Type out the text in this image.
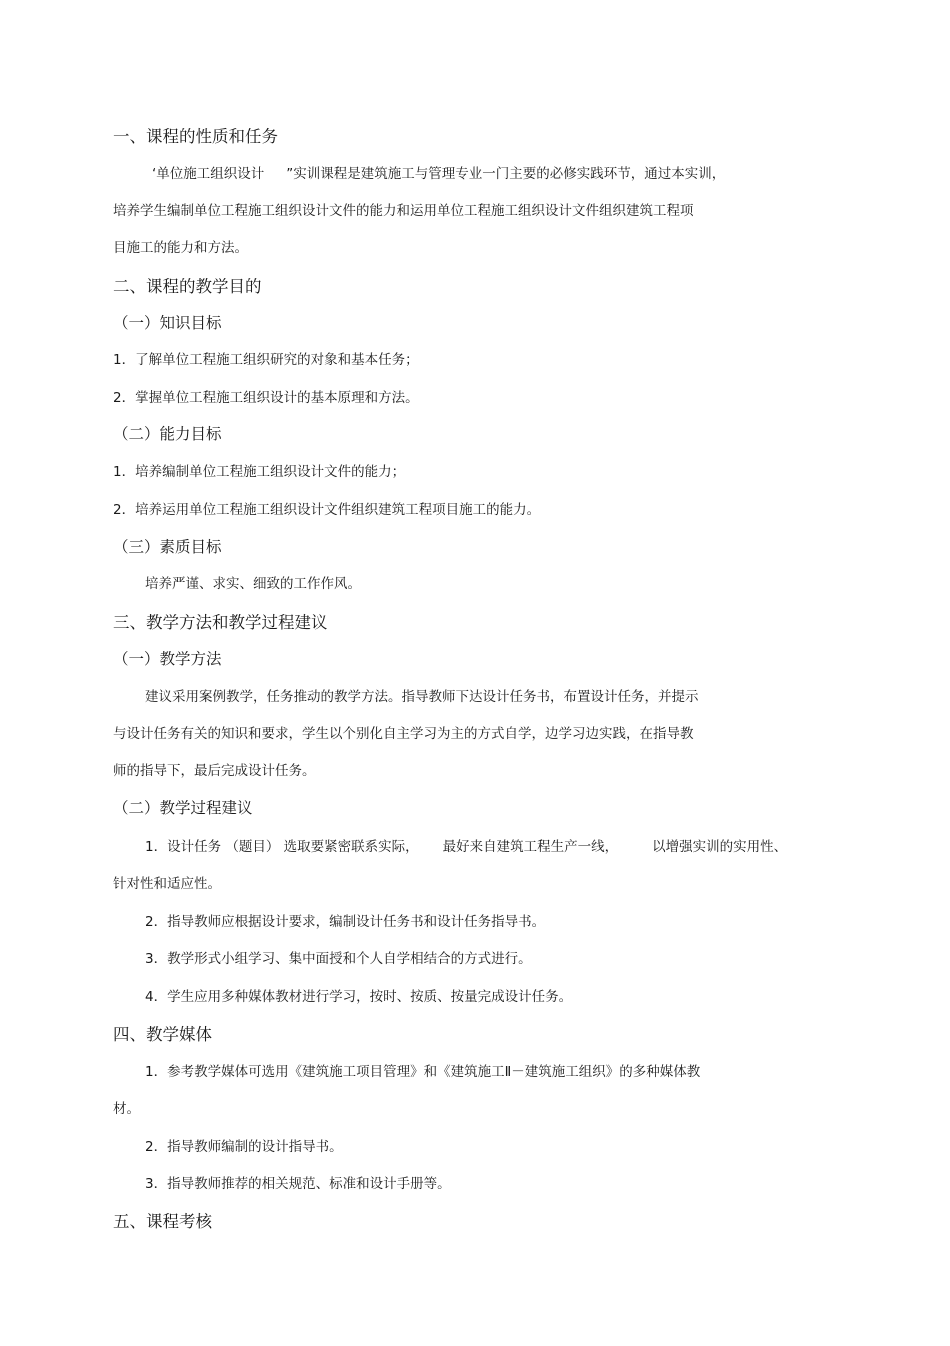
一、课程的性质和任务
‘单位施工组织设计 ”实训课程是建筑施工与管理专业一门主要的必修实践环节，通过本实训，
培养学生编制单位工程施工组织设计文件的能力和运用单位工程施工组织设计文件组织建筑工程项
目施工的能力和方法。
二、课程的教学目的
（一）知识目标
1．了解单位工程施工组织研究的对象和基本任务；
2．掌握单位工程施工组织设计的基本原理和方法。
（二）能力目标
1．培养编制单位工程施工组织设计文件的能力；
2．培养运用单位工程施工组织设计文件组织建筑工程项目施工的能力。
（三）素质目标
培养严谨、求实、细致的工作作风。
三、教学方法和教学过程建议
（一）教学方法
建议采用案例教学，任务推动的教学方法。指导教师下达设计任务书，布置设计任务，并提示
与设计任务有关的知识和要求，学生以个别化自主学习为主的方式自学，边学习边实践，在指导教
师的指导下，最后完成设计任务。
（二）教学过程建议
1．设计任务 （题目） 选取要紧密联系实际， 最好来自建筑工程生产一线，	以增强实训的实用性、
针对性和适应性。
2．指导教师应根据设计要求，编制设计任务书和设计任务指导书。
3．教学形式小组学习、集中面授和个人自学相结合的方式进行。
4．学生应用多种媒体教材进行学习，按时、按质、按量完成设计任务。
四、教学媒体
1．参考教学媒体可选用《建筑施工项目管理》和《建筑施工Ⅱ－建筑施工组织》的多种媒体教
材。
2．指导教师编制的设计指导书。
3．指导教师推荐的相关规范、标准和设计手册等。
五、课程考核
